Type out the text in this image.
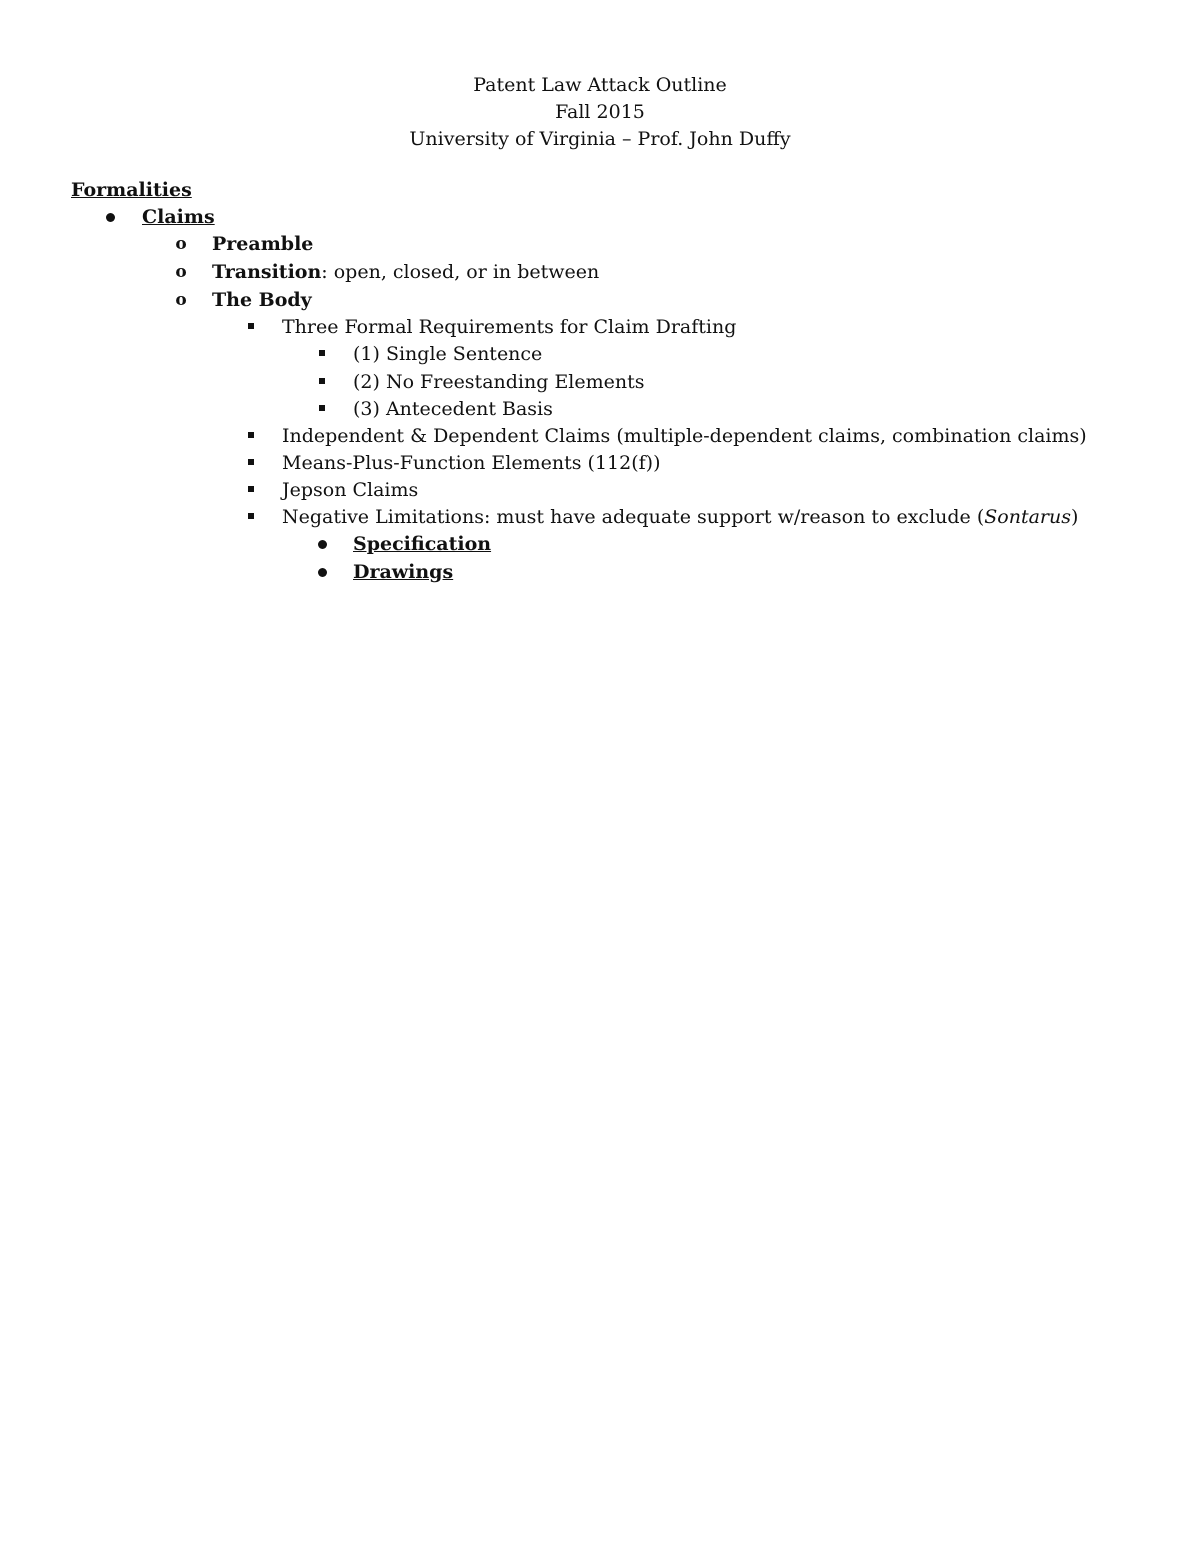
Patent Law Attack Outline
Fall 2015
University of Virginia – Prof. John Duffy
Formalities
Claims
o Preamble
o Transition: open, closed, or in between
o The Body
Three Formal Requirements for Claim Drafting
(1) Single Sentence
(2) No Freestanding Elements
(3) Antecedent Basis
Independent & Dependent Claims (multiple-dependent claims, combination claims)
Means-Plus-Function Elements (112(f))
Jepson Claims
Negative Limitations: must have adequate support w/reason to exclude (Sontarus)
Specification
Drawings
